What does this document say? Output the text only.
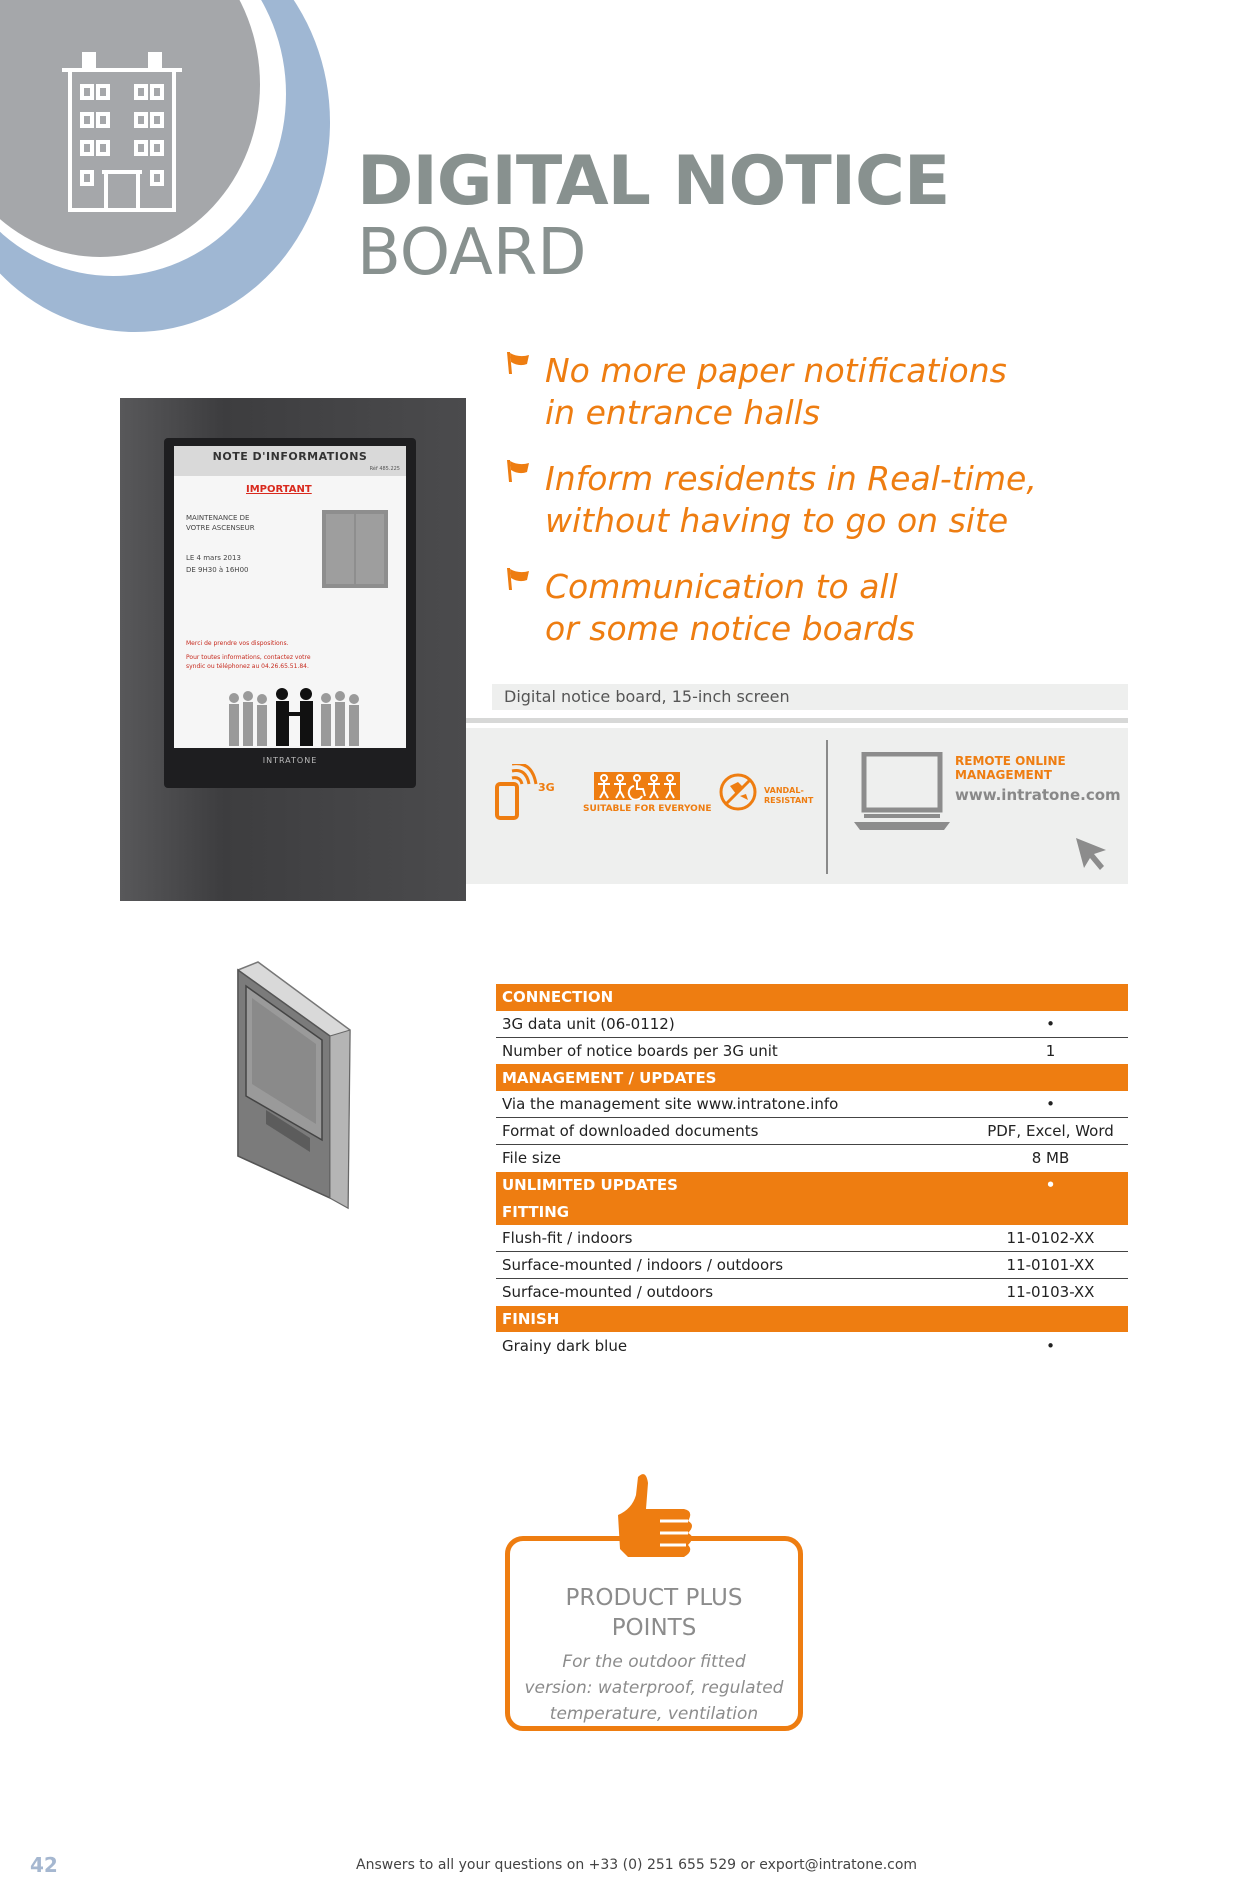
DIGITAL NOTICE
BOARD
NOTE D'INFORMATIONS
Réf 485.225
IMPORTANT
MAINTENANCE DE
VOTRE ASCENSEUR
LE 4 mars 2013
DE 9H30 à 16H00
Merci de prendre vos dispositions.
Pour toutes informations, contactez votre
syndic ou téléphonez au 04.26.65.51.84.
INTRATONE
No more paper notifications
in entrance halls
Inform residents in Real-time,
without having to go on site
Communication to all
or some notice boards
Digital notice board, 15-inch screen
3G
SUITABLE FOR EVERYONE
VANDAL-
RESISTANT
REMOTE ONLINE
MANAGEMENT
www.intratone.com
CONNECTION	
3G data unit (06-0112)	•
Number of notice boards per 3G unit	1
MANAGEMENT / UPDATES	
Via the management site www.intratone.info	•
Format of downloaded documents	PDF, Excel, Word
File size	8 MB
UNLIMITED UPDATES	•
FITTING	
Flush-fit / indoors	11-0102-XX
Surface-mounted / indoors / outdoors	11-0101-XX
Surface-mounted / outdoors	11-0103-XX
FINISH	
Grainy dark blue	•
PRODUCT PLUS
POINTS
For the outdoor fitted
version: waterproof, regulated
temperature, ventilation
42	Answers to all your questions on +33 (0) 251 655 529 or export@intratone.com
